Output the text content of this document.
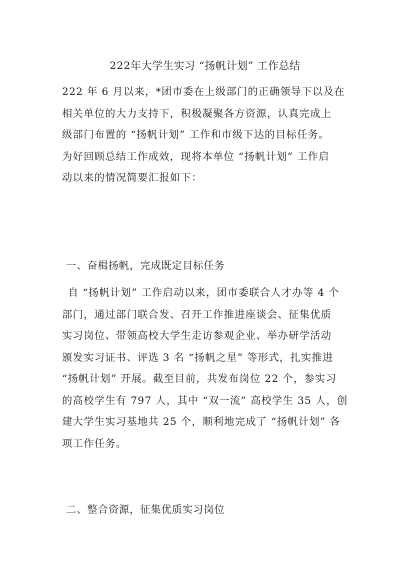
222年大学生实习 “扬帆计划” 工作总结
222 年 6 月以来，*团市委在上级部门的正确领导下以及在
相关单位的大力支持下，积极凝聚各方资源，认真完成上
级部门布置的 “扬帆计划” 工作和市级下达的目标任务。
为好回顾总结工作成效，现将本单位 “扬帆计划” 工作启
动以来的情况简要汇报如下：
一、奋楫扬帆，完成既定目标任务
自 “扬帆计划” 工作启动以来，团市委联合人才办等 4 个
部门，通过部门联合发、召开工作推进座谈会、征集优质
实习岗位、带领高校大学生走访参观企业、举办研学活动
颁发实习证书、评选 3 名 “扬帆之星” 等形式，扎实推进
“扬帆计划” 开展。截至目前，共发布岗位 22 个，参实习
的高校学生有 797 人，其中 “双一流” 高校学生 35 人，创
建大学生实习基地共 25 个，顺利地完成了 “扬帆计划” 各
项工作任务。
二、整合资源，征集优质实习岗位
